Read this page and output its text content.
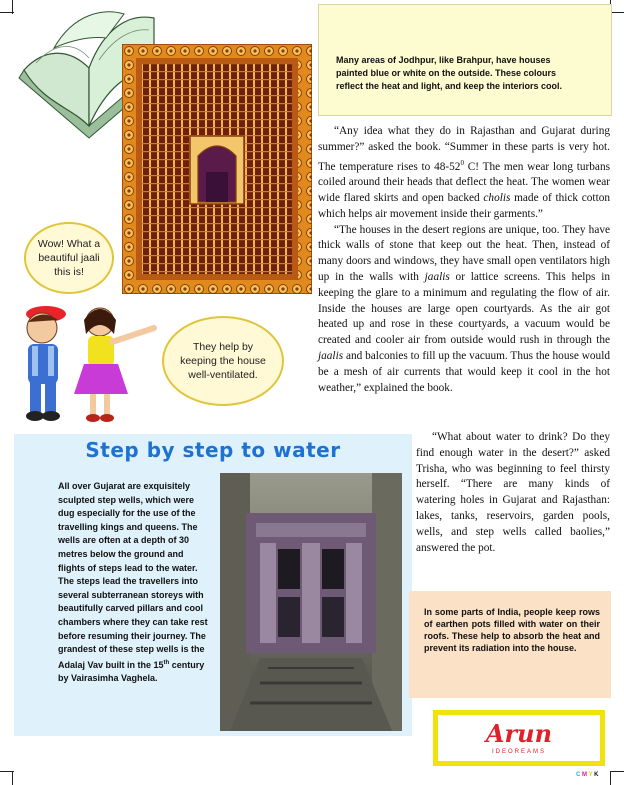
Wow! What a beautiful jaali this is!
They help by keeping the house well-ventilated.
Many areas of Jodhpur, like Brahpur, have houses painted blue or white on the outside. These colours reflect the heat and light, and keep the interiors cool.

“Any idea what they do in Rajasthan and Gujarat during summer?” asked the book. “Summer in these parts is very hot. The temperature rises to $48-52^0$ C! The men wear long turbans coiled around their heads that deflect the heat. The women wear wide flared skirts and open backed cholis made of thick cotton which helps air movement inside their garments.”

“The houses in the desert regions are unique, too. They have thick walls of stone that keep out the heat. Then, instead of many doors and windows, they have small open ventilators high up in the walls with jaalis or lattice screens. This helps in keeping the glare to a minimum and regulating the flow of air. Inside the houses are large open courtyards. As the air got heated up and rose in these courtyards, a vacuum would be created and cooler air from outside would rush in through the jaalis and balconies to fill up the vacuum. Thus the house would be a mesh of air currents that would keep it cool in the hot weather,” explained the book.

Step by step to water
All over Gujarat are exquisitely sculpted step wells, which were dug especially for the use of the travelling kings and queens. The wells are often at a depth of 30 metres below the ground and flights of steps lead to the water. The steps lead the travellers into several subterranean storeys with beautifully carved pillars and cool chambers where they can take rest before resuming their journey. The grandest of these step wells is the Adalaj Vav built in the 15th century by Vairasimha Vaghela.

“What about water to drink? Do they find enough water in the desert?” asked Trisha, who was beginning to feel thirsty herself. “There are many kinds of watering holes in Gujarat and Rajasthan: lakes, tanks, reservoirs, garden pools, wells, and step wells called baolies,” answered the pot.

In some parts of India, people keep rows of earthen pots filled with water on their roofs. These help to absorb the heat and prevent its radiation into the house.
Arun
IDEOREAMS
C M Y K
